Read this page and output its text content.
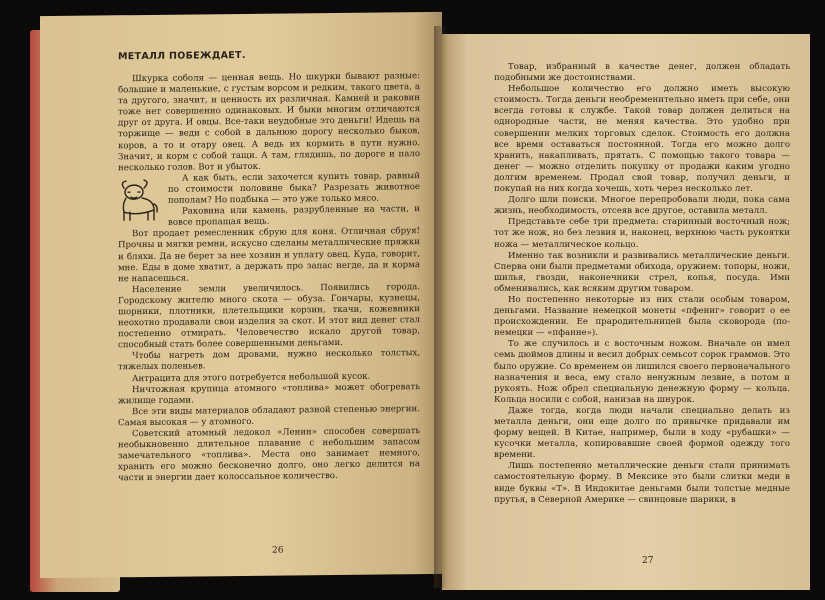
МЕТАЛЛ ПОБЕЖДАЕТ.

Шкурка соболя — ценная вещь. Но шкурки бывают разные: большие и маленькие, с густым ворсом и редким, такого цвета, а та другого, значит, и ценность их различная. Камней и раковин тоже нет совершенно одинаковых. И быки многим отличаются друг от друга. И овцы. Все-таки неудобные это деньги! Идешь на торжище — веди с собой в дальнюю дорогу несколько быков, коров, а то и отару овец. А ведь их кормить в пути нужно. Значит, и корм с собой тащи. А там, глядишь, по дороге и пало несколько голов. Вот и убыток.

А как быть, если захочется купить товар, равный по стоимости половине быка? Разрезать животное пополам? Но подбыка — это уже только мясо.

Раковина или камень, разрубленные на части, и вовсе пропащая вещь.

Вот продает ремесленник сбрую для коня. Отличная сбруя! Прочны и мягки ремни, искусно сделаны металлические пряжки и бляхи. Да не берет за нее хозяин и уплату овец. Куда, говорит, мне. Еды в доме хватит, а держать про запас негде, да и корма не напасешься.

Население земли увеличилось. Появились города. Городскому жителю много скота — обуза. Гончары, кузнецы, шорники, плотники, плетельщики корзин, ткачи, кожевники неохотно продавали свои изделия за скот. И этот вид денег стал постепенно отмирать. Человечество искало другой товар, способный стать более совершенными деньгами.

Чтобы нагреть дом дровами, нужно несколько толстых, тяжелых поленьев.

Антрацита для этого потребуется небольшой кусок.

Ничтожная крупица атомного «топлива» может обогревать жилище годами.

Все эти виды материалов обладают разной степенью энергии. Самая высокая — у атомного.

Советский атомный ледокол «Ленин» способен совершать необыкновенно длительное плавание с небольшим запасом замечательного «топлива». Места оно занимает немного, хранить его можно бесконечно долго, оно легко делится на части и энергии дает колоссальное количество.

26

Товар, избранный в качестве денег, должен обладать подобными же достоинствами.

Небольшое количество его должно иметь высокую стоимость. Тогда деньги необременительно иметь при себе, они всегда готовы к службе. Такой товар должен делиться на однородные части, не меняя качества. Это удобно при совершении мелких торговых сделок. Стоимость его должна все время оставаться постоянной. Тогда его можно долго хранить, накапливать, прятать. С помощью такого товара — денег — можно отделить покупку от продажи каким угодно долгим временем. Продал свой товар, получил деньги, и покупай на них когда хочешь, хоть через несколько лет.

Долго шли поиски. Многое перепробовали люди, пока сама жизнь, необходимость, отсеяв все другое, оставила металл.

Представьте себе три предмета: старинный восточный нож; тот же нож, но без лезвия и, наконец, верхнюю часть рукоятки ножа — металлическое кольцо.

Именно так возникли и развивались металлические деньги. Сперва они были предметами обихода, оружием: топоры, ножи, шилья, гвозди, наконечники стрел, копья, посуда. Ими обменивались, как всяким другим товаром.

Но постепенно некоторые из них стали особым товаром, деньгами. Название немецкой монеты «пфениг» говорит о ее происхождении. Ее прародительницей была сковорода (по-немецки — «пфанне»).

То же случилось и с восточным ножом. Вначале он имел семь дюймов длины и весил добрых семьсот сорок граммов. Это было оружие. Со временем он лишился своего первоначального назначения и веса, ему стало ненужным лезвие, а потом и рукоять. Нож обрел специальную денежную форму — кольца. Кольца носили с собой, нанизав на шнурок.

Даже тогда, когда люди начали специально делать из металла деньги, они еще долго по привычке придавали им форму вещей. В Китае, например, были в ходу «рубашки» — кусочки металла, копировавшие своей формой одежду того времени.

Лишь постепенно металлические деньги стали принимать самостоятельную форму. В Мексике это были слитки меди в виде буквы «Т». В Индокитае деньгами были толстые медные прутья, в Северной Америке — свинцовые шарики, в

27
